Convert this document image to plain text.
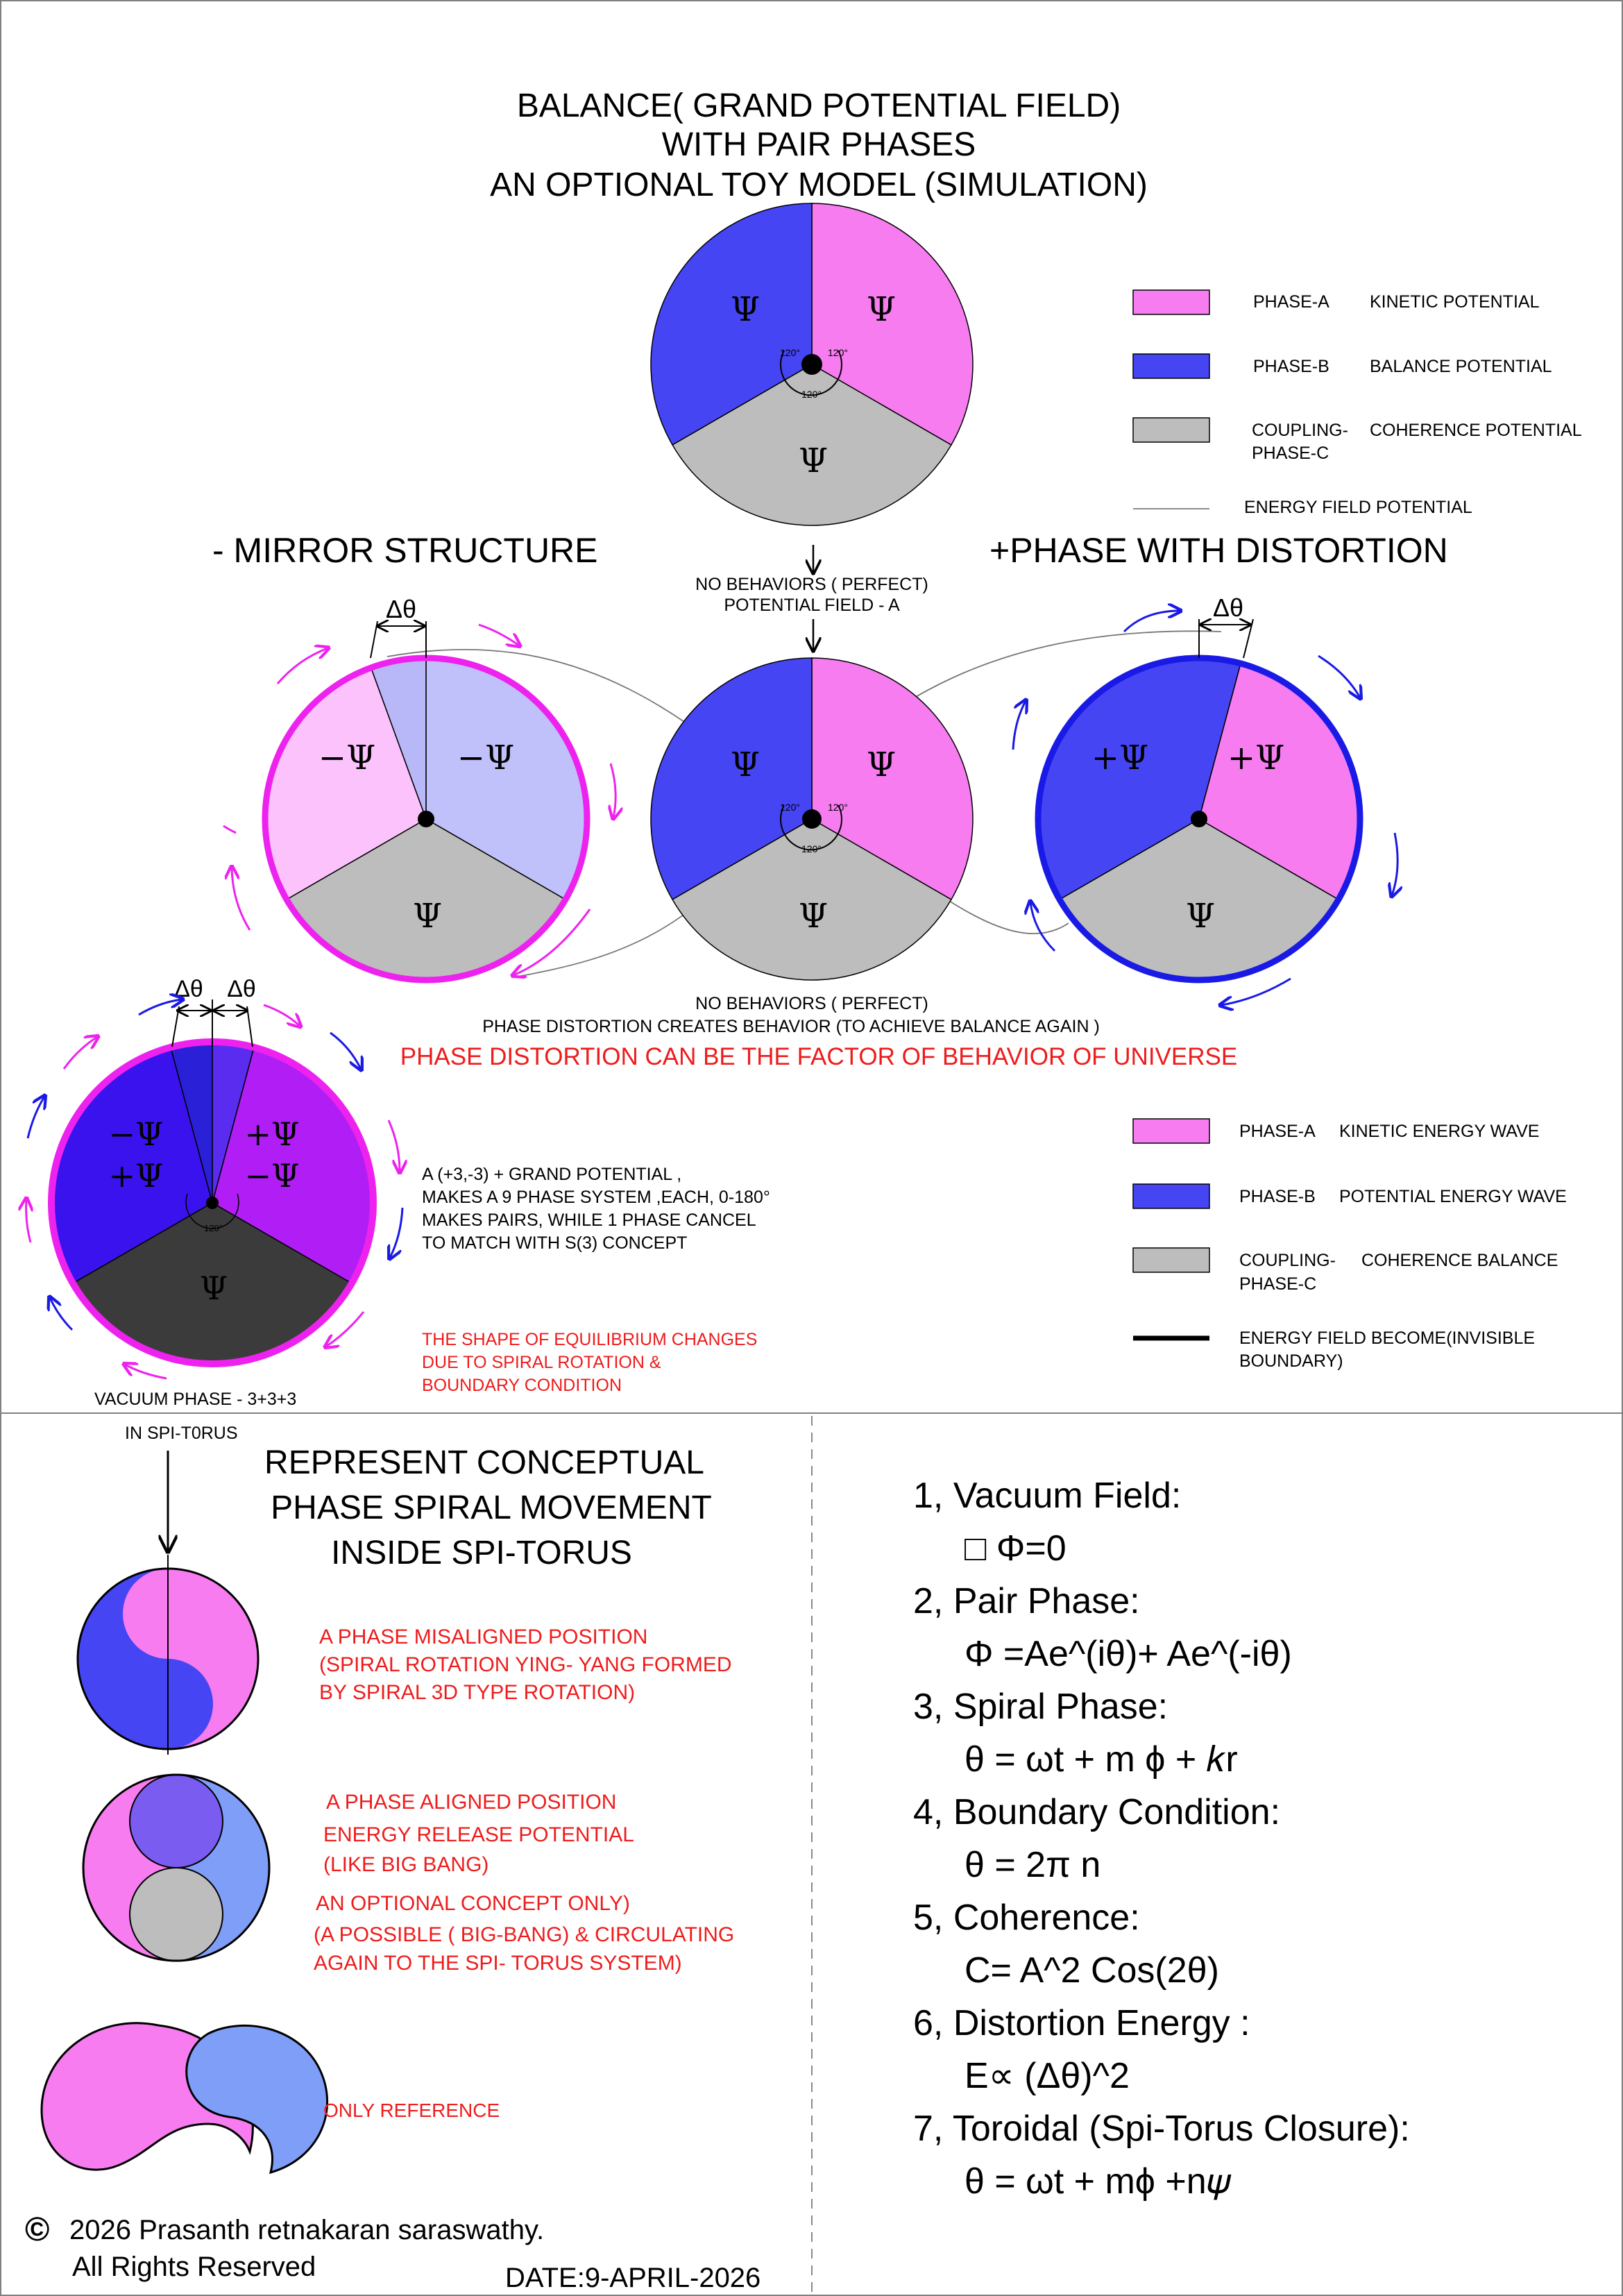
BALANCE( GRAND POTENTIAL FIELD)
WITH PAIR PHASES
AN OPTIONAL TOY MODEL (SIMULATION)
120°	120°
120°
Ψ	Ψ
Ψ
PHASE-A KINETIC POTENTIAL
PHASE-B BALANCE POTENTIAL
COUPLING-
PHASE-C
COHERENCE POTENTIAL
ENERGY FIELD POTENTIAL
- MIRROR STRUCTURE	+PHASE WITH DISTORTION
NO BEHAVIORS ( PERFECT)
POTENTIAL FIELD - A
120°	120°
120°
Ψ	Ψ
Ψ
−Ψ −Ψ
Ψ
Δθ
+Ψ +Ψ
Ψ
Δθ
NO BEHAVIORS ( PERFECT)
PHASE DISTORTION CREATES BEHAVIOR (TO ACHIEVE BALANCE AGAIN )
PHASE DISTORTION CAN BE THE FACTOR OF BEHAVIOR OF UNIVERSE
120°
−Ψ
+Ψ
+Ψ
−Ψ
Ψ
Δθ Δθ
A (+3,-3) + GRAND POTENTIAL ,
MAKES A 9 PHASE SYSTEM ,EACH, 0-180°
MAKES PAIRS, WHILE 1 PHASE CANCEL
TO MATCH WITH S(3) CONCEPT
THE SHAPE OF EQUILIBRIUM CHANGES
DUE TO SPIRAL ROTATION &
BOUNDARY CONDITION
PHASE-A KINETIC ENERGY WAVE
PHASE-B POTENTIAL ENERGY WAVE
COUPLING-
PHASE-C
COHERENCE BALANCE
ENERGY FIELD BECOME(INVISIBLE
BOUNDARY)
VACUUM PHASE - 3+3+3
IN SPI-T0RUS
REPRESENT CONCEPTUAL
PHASE SPIRAL MOVEMENT
INSIDE SPI-TORUS
A PHASE MISALIGNED POSITION
(SPIRAL ROTATION YING- YANG FORMED
BY SPIRAL 3D TYPE ROTATION)
A PHASE ALIGNED POSITION
ENERGY RELEASE POTENTIAL
(LIKE BIG BANG)
AN OPTIONAL CONCEPT ONLY)
(A POSSIBLE ( BIG-BANG) & CIRCULATING
AGAIN TO THE SPI- TORUS SYSTEM)
ONLY REFERENCE
1, Vacuum Field:
□ Φ=0
2, Pair Phase:
Φ =Ae^(iθ)+ Ae^(-iθ)
3, Spiral Phase:
θ = ωt + m ϕ + 𝑘r
4, Boundary Condition:
θ = 2π n
5, Coherence:
C= A^2 Cos(2θ)
6, Distortion Energy :
E∝ (Δθ)^2
7, Toroidal (Spi-Torus Closure):
θ = ωt + mϕ +n𝜓
© 2026 Prasanth retnakaran saraswathy.
All Rights Reserved	DATE:9-APRIL-2026
